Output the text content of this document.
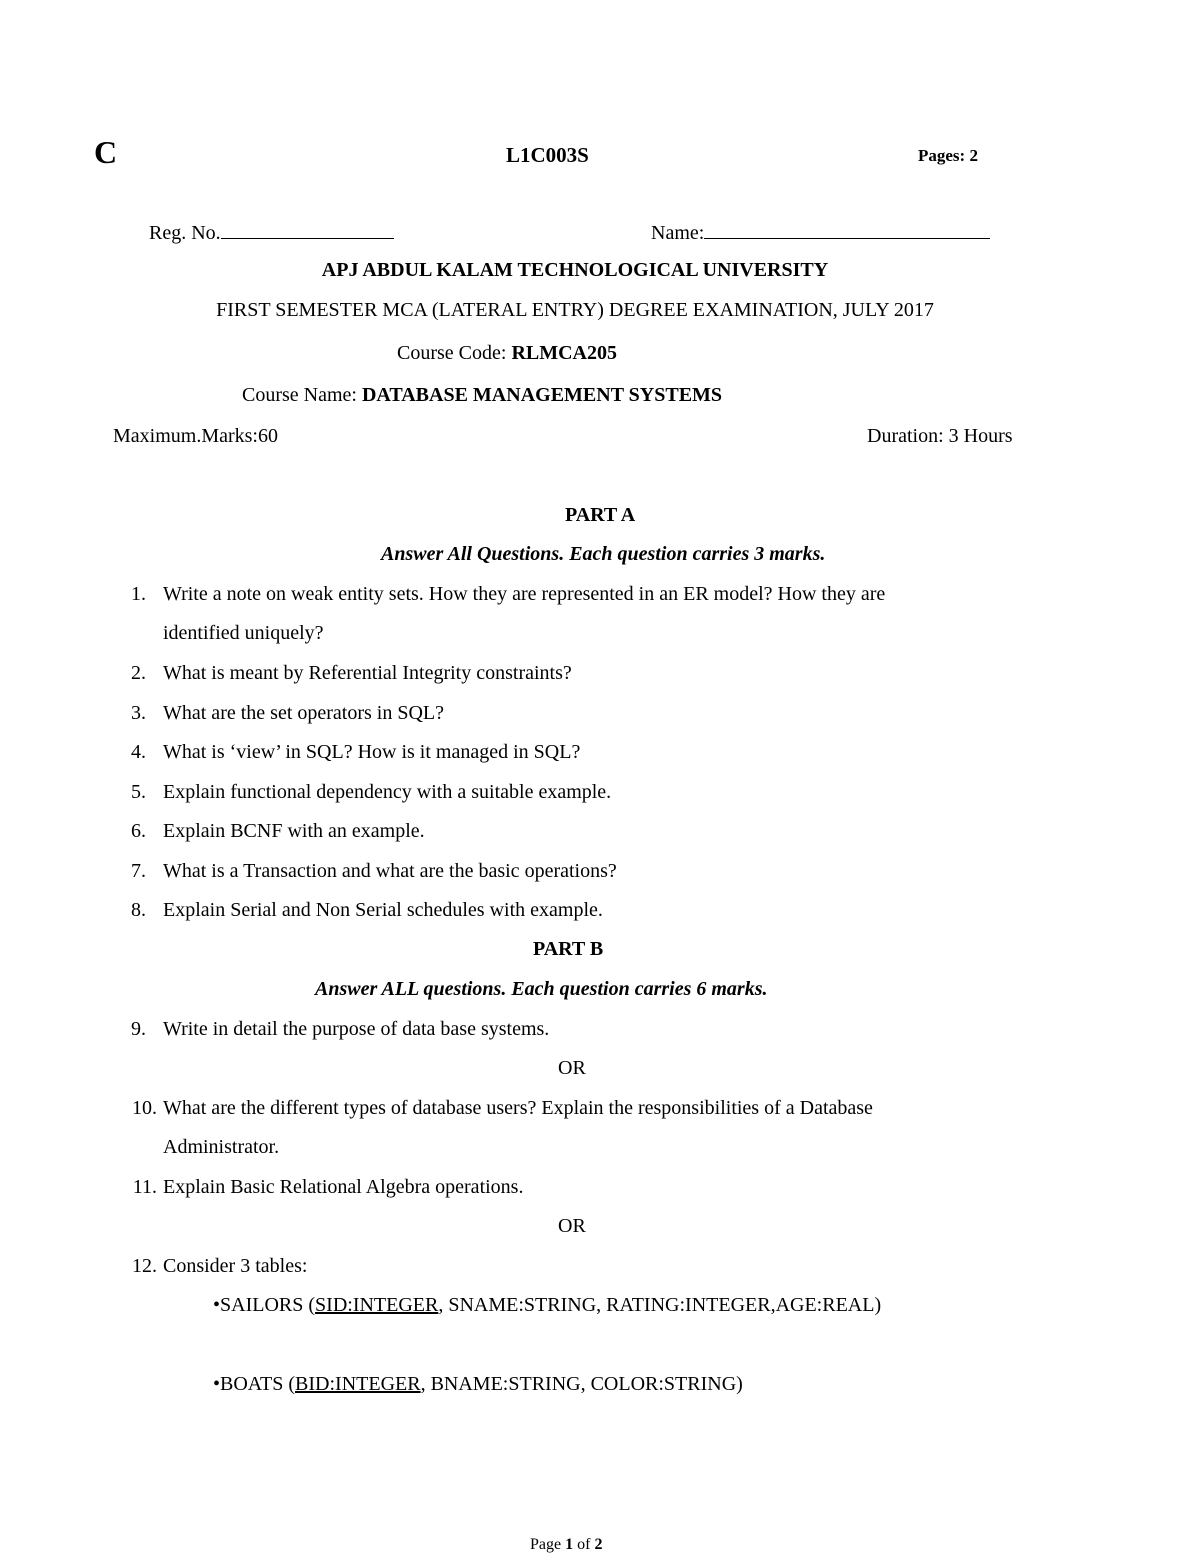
C	L1C003S	Pages: 2
Reg. No.	Name:
APJ ABDUL KALAM TECHNOLOGICAL UNIVERSITY
FIRST SEMESTER MCA (LATERAL ENTRY) DEGREE EXAMINATION, JULY 2017
Course Code: RLMCA205
Course Name: DATABASE MANAGEMENT SYSTEMS
Maximum.Marks:60	Duration: 3 Hours
PART A
Answer All Questions. Each question carries 3 marks.
1. Write a note on weak entity sets. How they are represented in an ER model? How they are
identified uniquely?
2. What is meant by Referential Integrity constraints?
3. What are the set operators in SQL?
4. What is ‘view’ in SQL? How is it managed in SQL?
5. Explain functional dependency with a suitable example.
6. Explain BCNF with an example.
7. What is a Transaction and what are the basic operations?
8. Explain Serial and Non Serial schedules with example.
PART B
Answer ALL questions. Each question carries 6 marks.
9. Write in detail the purpose of data base systems.
OR
10. What are the different types of database users? Explain the responsibilities of a Database
Administrator.
11. Explain Basic Relational Algebra operations.
OR
12. Consider 3 tables:
•SAILORS (SID:INTEGER, SNAME:STRING, RATING:INTEGER,AGE:REAL)
•BOATS (BID:INTEGER, BNAME:STRING, COLOR:STRING)
Page 1 of 2
